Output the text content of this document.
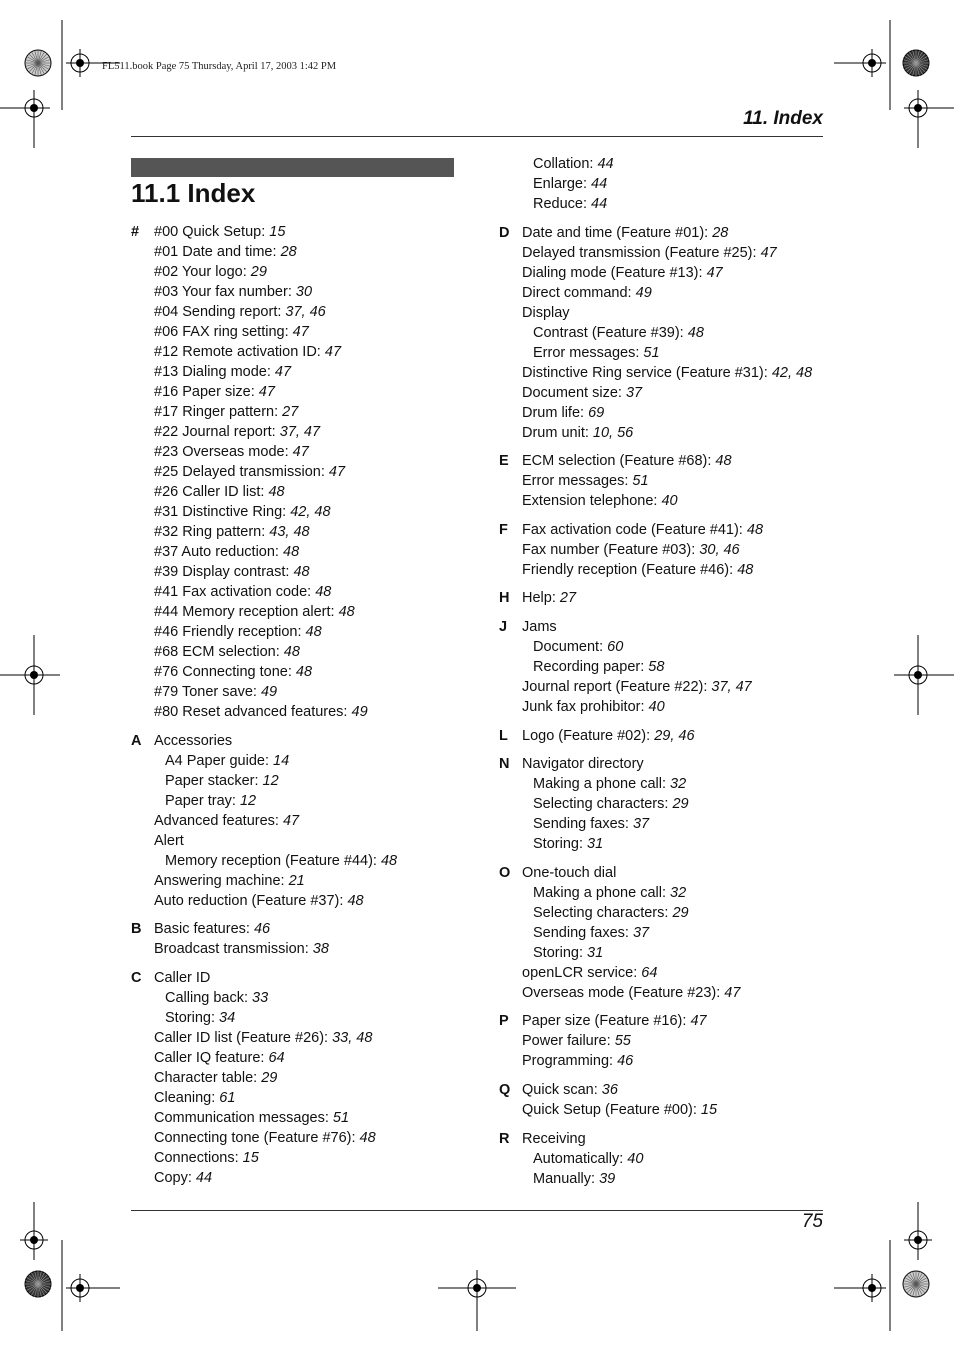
FL511.book Page 75 Thursday, April 17, 2003 1:42 PM
11. Index
11.1 Index
# #00 Quick Setup: 15
#01 Date and time: 28
#02 Your logo: 29
#03 Your fax number: 30
#04 Sending report: 37, 46
#06 FAX ring setting: 47
#12 Remote activation ID: 47
#13 Dialing mode: 47
#16 Paper size: 47
#17 Ringer pattern: 27
#22 Journal report: 37, 47
#23 Overseas mode: 47
#25 Delayed transmission: 47
#26 Caller ID list: 48
#31 Distinctive Ring: 42, 48
#32 Ring pattern: 43, 48
#37 Auto reduction: 48
#39 Display contrast: 48
#41 Fax activation code: 48
#44 Memory reception alert: 48
#46 Friendly reception: 48
#68 ECM selection: 48
#76 Connecting tone: 48
#79 Toner save: 49
#80 Reset advanced features: 49
A Accessories
A4 Paper guide: 14
Paper stacker: 12
Paper tray: 12
Advanced features: 47
Alert
Memory reception (Feature #44): 48
Answering machine: 21
Auto reduction (Feature #37): 48
B Basic features: 46
Broadcast transmission: 38
C Caller ID
Calling back: 33
Storing: 34
Caller ID list (Feature #26): 33, 48
Caller IQ feature: 64
Character table: 29
Cleaning: 61
Communication messages: 51
Connecting tone (Feature #76): 48
Connections: 15
Copy: 44
Collation: 44
Enlarge: 44
Reduce: 44
D Date and time (Feature #01): 28
Delayed transmission (Feature #25): 47
Dialing mode (Feature #13): 47
Direct command: 49
Display
Contrast (Feature #39): 48
Error messages: 51
Distinctive Ring service (Feature #31): 42, 48
Document size: 37
Drum life: 69
Drum unit: 10, 56
E ECM selection (Feature #68): 48
Error messages: 51
Extension telephone: 40
F Fax activation code (Feature #41): 48
Fax number (Feature #03): 30, 46
Friendly reception (Feature #46): 48
H Help: 27
J Jams
Document: 60
Recording paper: 58
Journal report (Feature #22): 37, 47
Junk fax prohibitor: 40
L Logo (Feature #02): 29, 46
N Navigator directory
Making a phone call: 32
Selecting characters: 29
Sending faxes: 37
Storing: 31
O One-touch dial
Making a phone call: 32
Selecting characters: 29
Sending faxes: 37
Storing: 31
openLCR service: 64
Overseas mode (Feature #23): 47
P Paper size (Feature #16): 47
Power failure: 55
Programming: 46
Q Quick scan: 36
Quick Setup (Feature #00): 15
R Receiving
Automatically: 40
Manually: 39
75
